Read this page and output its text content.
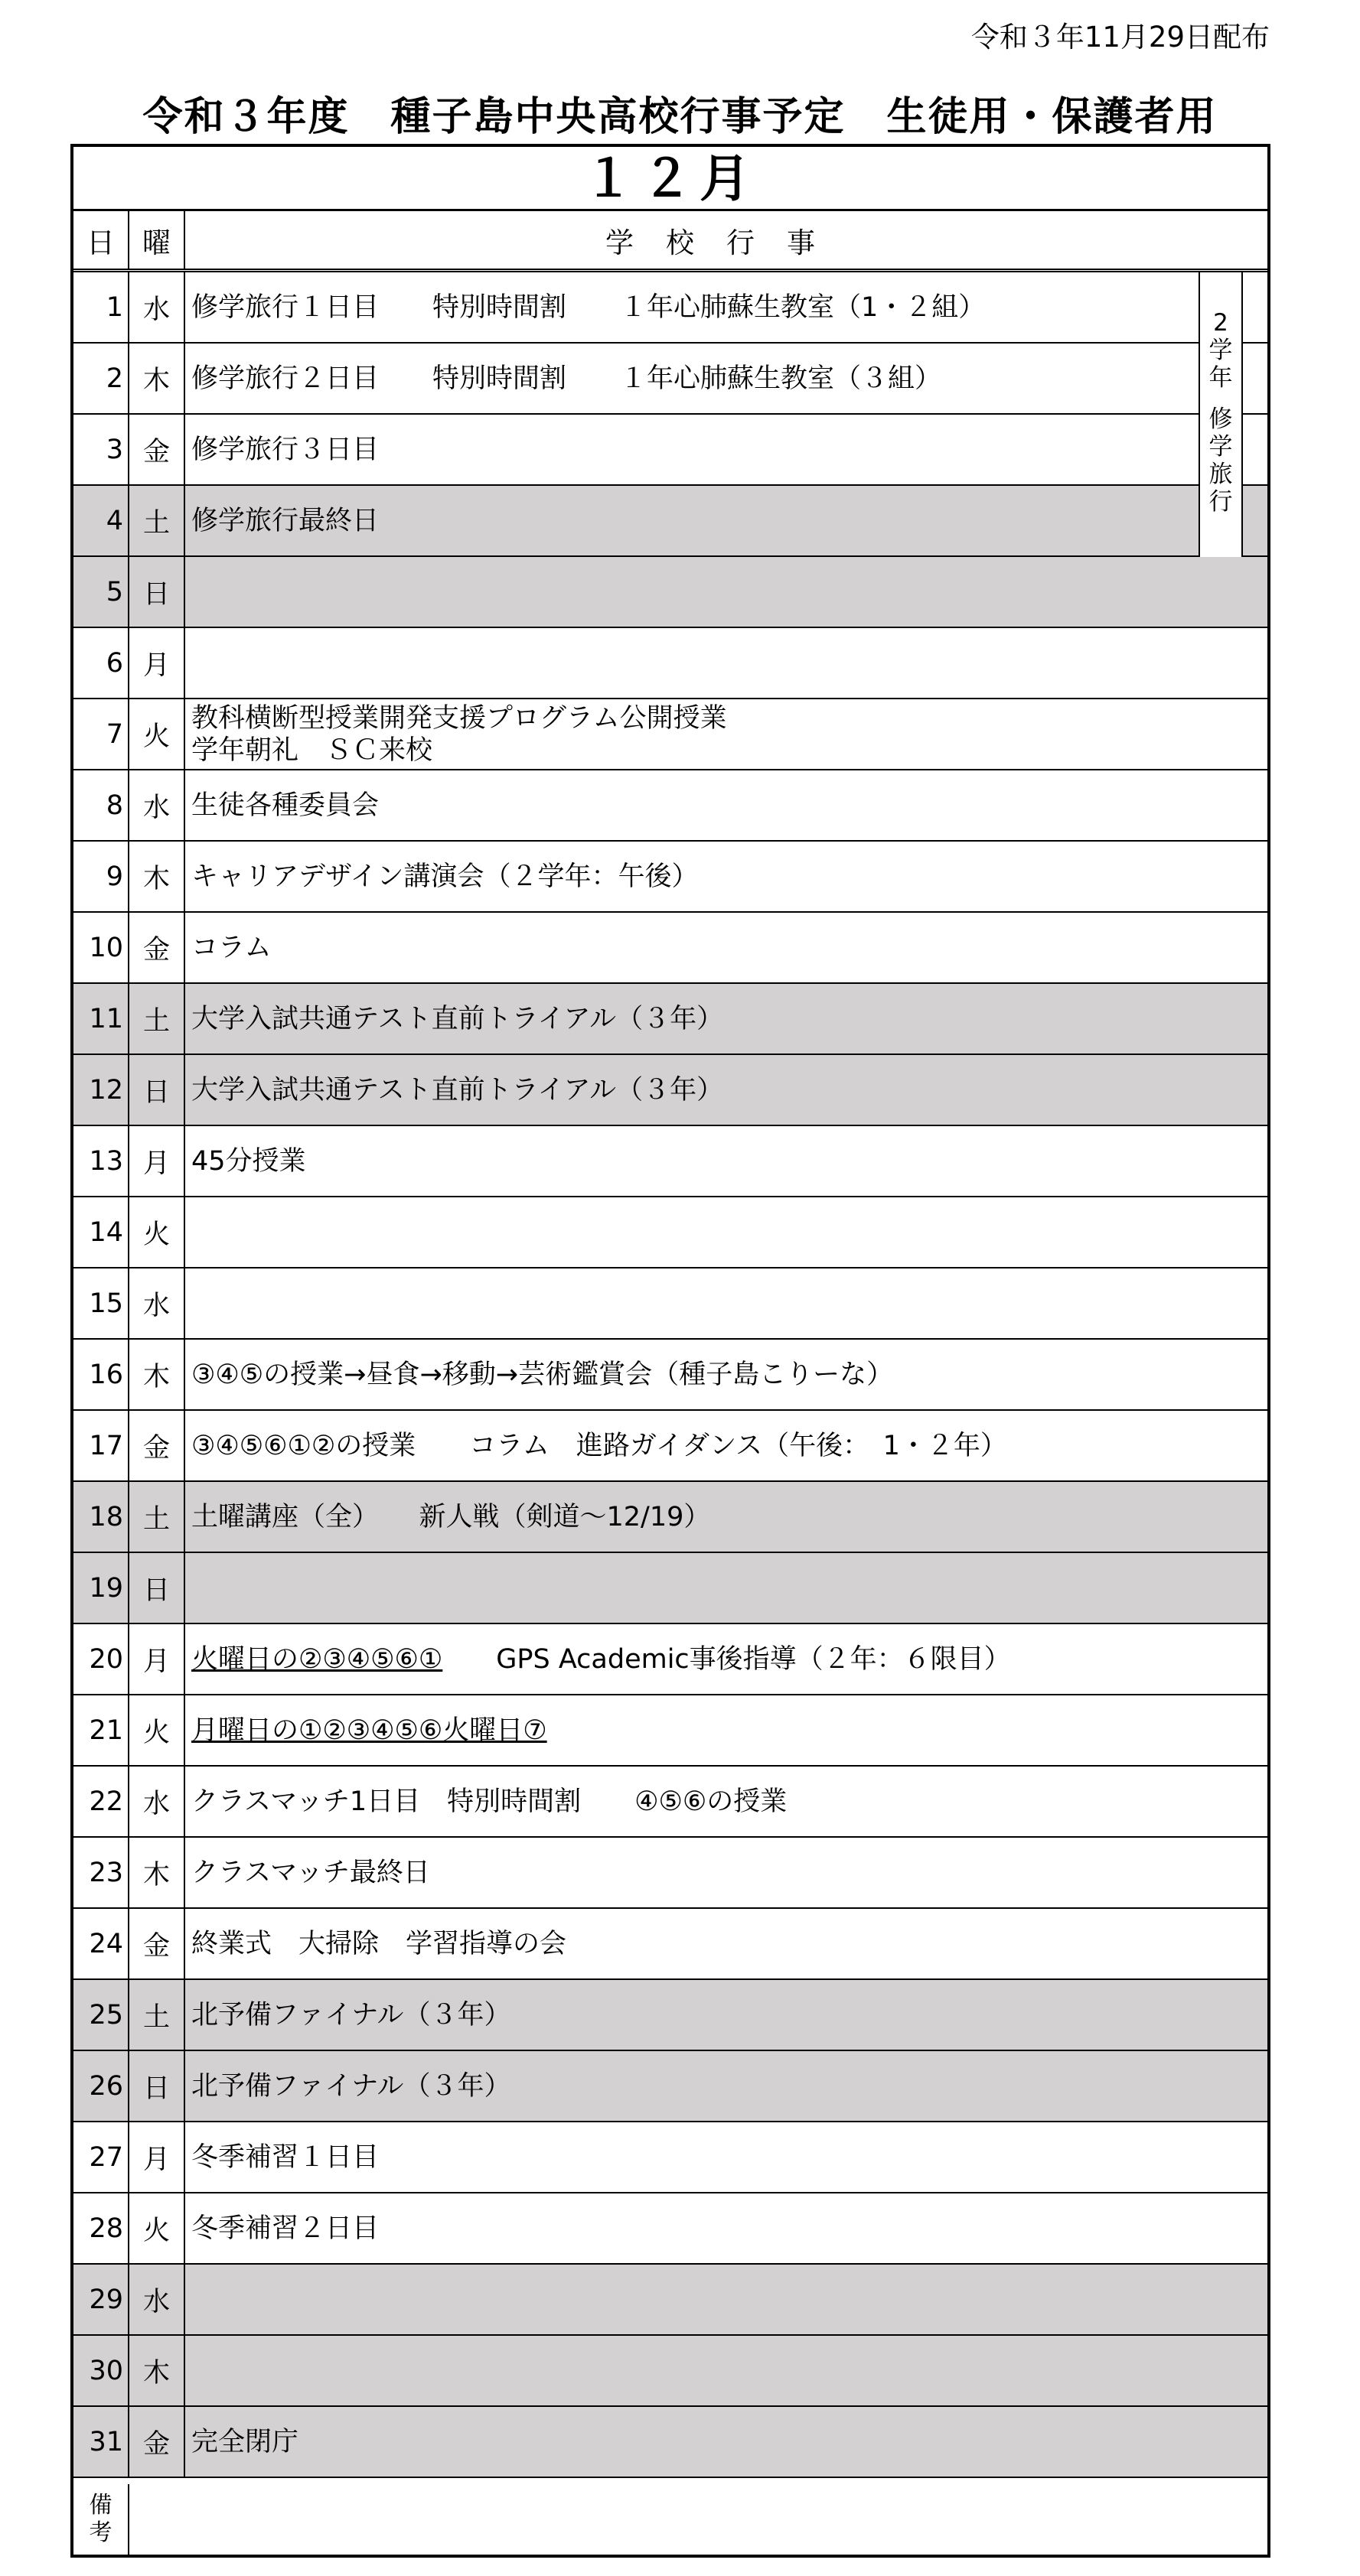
令和３年11月29日配布
令和３年度　種子島中央高校行事予定　生徒用・保護者用
１２月
日 曜	学校行事
1 水 修学旅行１日目　　特別時間割　　１年心肺蘇生教室（1・２組）
2 木 修学旅行２日目　　特別時間割　　１年心肺蘇生教室（３組）
3 金 修学旅行３日目
4 土 修学旅行最終日
5 日
6 月
7 火
教科横断型授業開発支援プログラム公開授業
学年朝礼　ＳＣ来校
8 水 生徒各種委員会
9 木 キャリアデザイン講演会（２学年：午後）
10 金 コラム
11 土 大学入試共通テスト直前トライアル（３年）
12 日 大学入試共通テスト直前トライアル（３年）
13 月 45分授業
14 火
15 水
16 木 ③④⑤の授業→昼食→移動→芸術鑑賞会（種子島こりーな）
17 金 ③④⑤⑥①②の授業　　コラム　進路ガイダンス（午後：　1・２年）
18 土 土曜講座（全）　　新人戦（剣道～12/19）
19 日
20 月 火曜日の②③④⑤⑥①　　GPS Academic事後指導（２年：６限目）
21 火 月曜日の①②③④⑤⑥火曜日⑦
22 水 クラスマッチ1日目　特別時間割　　④⑤⑥の授業
23 木 クラスマッチ最終日
24 金 終業式　大掃除　学習指導の会
25 土 北予備ファイナル（３年）
26 日 北予備ファイナル（３年）
27 月 冬季補習１日目
28 火 冬季補習２日目
29 水
30 木
31 金 完全閉庁
2
学
年
修
学
旅
行
備
考
